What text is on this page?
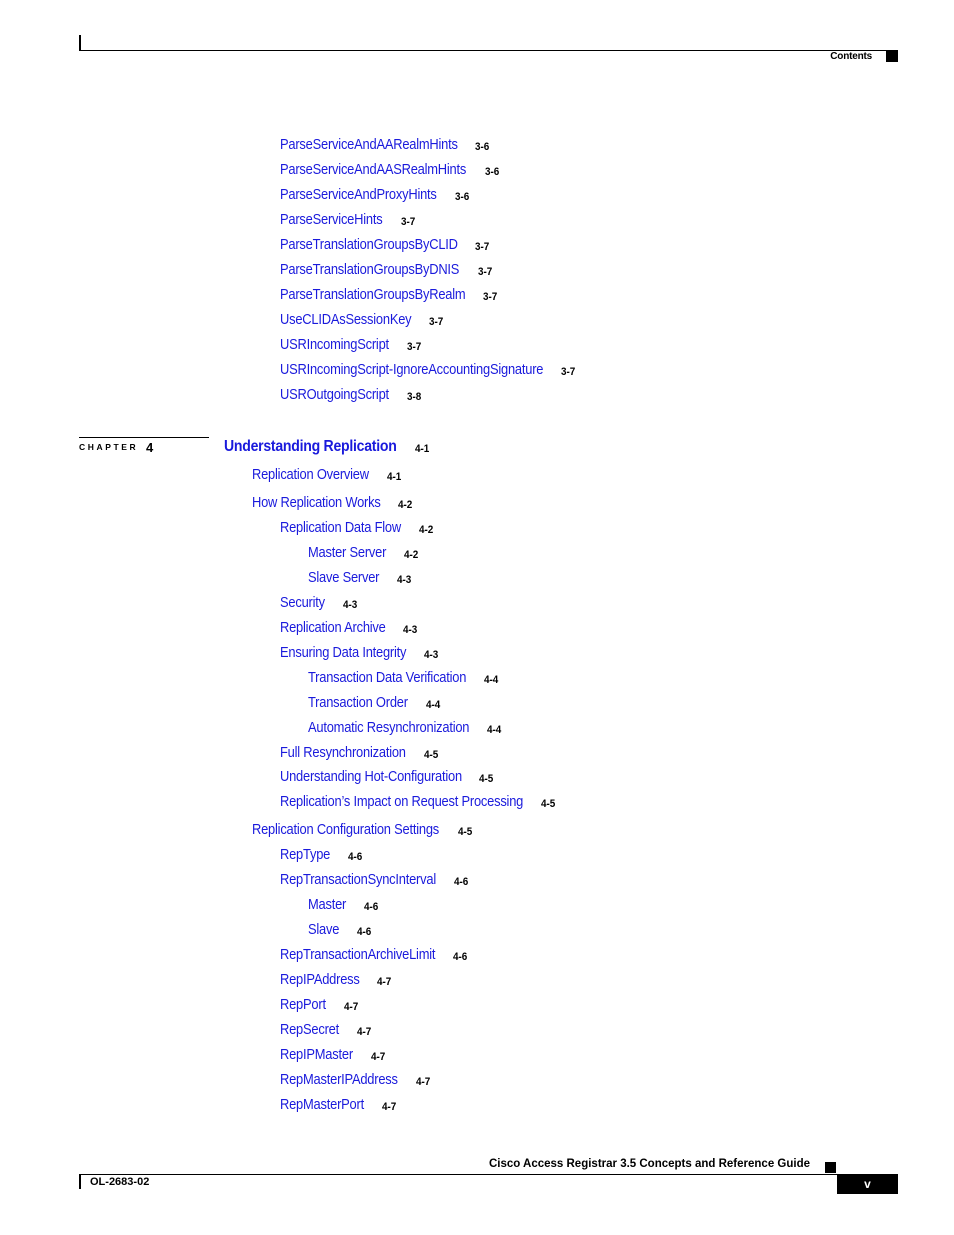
Contents
CHAPTER 4
ParseServiceAndAARealmHints 3-6
ParseServiceAndAASRealmHints 3-6
ParseServiceAndProxyHints 3-6
ParseServiceHints 3-7
ParseTranslationGroupsByCLID 3-7
ParseTranslationGroupsByDNIS 3-7
ParseTranslationGroupsByRealm 3-7
UseCLIDAsSessionKey 3-7
USRIncomingScript 3-7
USRIncomingScript-IgnoreAccountingSignature 3-7
USROutgoingScript 3-8
Understanding Replication 4-1
Replication Overview 4-1
How Replication Works 4-2
Replication Data Flow 4-2
Master Server 4-2
Slave Server 4-3
Security 4-3
Replication Archive 4-3
Ensuring Data Integrity 4-3
Transaction Data Verification 4-4
Transaction Order 4-4
Automatic Resynchronization 4-4
Full Resynchronization 4-5
Understanding Hot-Configuration 4-5
Replication’s Impact on Request Processing 4-5
Replication Configuration Settings 4-5
RepType 4-6
RepTransactionSyncInterval 4-6
Master 4-6
Slave 4-6
RepTransactionArchiveLimit 4-6
RepIPAddress 4-7
RepPort 4-7
RepSecret 4-7
RepIPMaster 4-7
RepMasterIPAddress 4-7
RepMasterPort 4-7
Cisco Access Registrar 3.5 Concepts and Reference Guide
OL-2683-02	v
